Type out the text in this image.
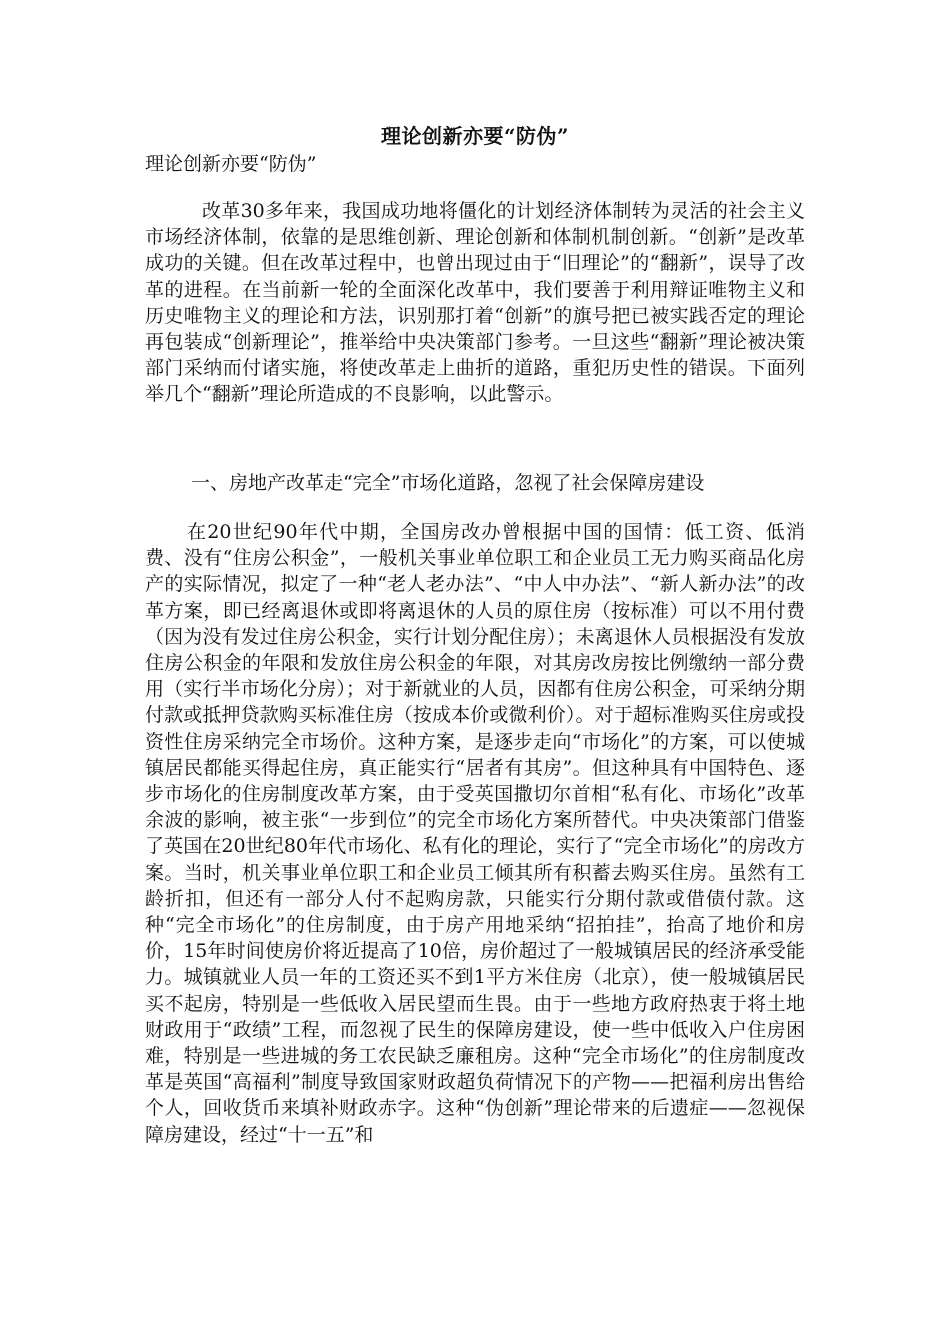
理论创新亦要“防伪”
理论创新亦要“防伪”

改革30多年来，我国成功地将僵化的计划经济体制转为灵活的社会主义市场经济体制，依靠的是思维创新、理论创新和体制机制创新。“创新”是改革成功的关键。但在改革过程中，也曾出现过由于“旧理论”的“翻新”，误导了改革的进程。在当前新一轮的全面深化改革中，我们要善于利用辩证唯物主义和历史唯物主义的理论和方法，识别那打着“创新”的旗号把已被实践否定的理论再包装成“创新理论”，推举给中央决策部门参考。一旦这些“翻新”理论被决策部门采纳而付诸实施，将使改革走上曲折的道路，重犯历史性的错误。下面列举几个“翻新”理论所造成的不良影响，以此警示。

一、房地产改革走“完全”市场化道路，忽视了社会保障房建设

在20世纪90年代中期，全国房改办曾根据中国的国情：低工资、低消费、没有“住房公积金”，一般机关事业单位职工和企业员工无力购买商品化房产的实际情况，拟定了一种“老人老办法”、“中人中办法”、“新人新办法”的改革方案，即已经离退休或即将离退休的人员的原住房（按标准）可以不用付费（因为没有发过住房公积金，实行计划分配住房）；未离退休人员根据没有发放住房公积金的年限和发放住房公积金的年限，对其房改房按比例缴纳一部分费用（实行半市场化分房）；对于新就业的人员，因都有住房公积金，可采纳分期付款或抵押贷款购买标准住房（按成本价或微利价）。对于超标准购买住房或投资性住房采纳完全市场价。这种方案，是逐步走向“市场化”的方案，可以使城镇居民都能买得起住房，真正能实行“居者有其房”。但这种具有中国特色、逐步市场化的住房制度改革方案，由于受英国撒切尔首相“私有化、市场化”改革余波的影响，被主张“一步到位”的完全市场化方案所替代。中央决策部门借鉴了英国在20世纪80年代市场化、私有化的理论，实行了“完全市场化”的房改方案。当时，机关事业单位职工和企业员工倾其所有积蓄去购买住房。虽然有工龄折扣，但还有一部分人付不起购房款，只能实行分期付款或借债付款。这种“完全市场化”的住房制度，由于房产用地采纳“招拍挂”，抬高了地价和房价，15年时间使房价将近提高了10倍，房价超过了一般城镇居民的经济承受能力。城镇就业人员一年的工资还买不到1平方米住房（北京），使一般城镇居民买不起房，特别是一些低收入居民望而生畏。由于一些地方政府热衷于将土地财政用于“政绩”工程，而忽视了民生的保障房建设，使一些中低收入户住房困难，特别是一些进城的务工农民缺乏廉租房。这种“完全市场化”的住房制度改革是英国“高福利”制度导致国家财政超负荷情况下的产物——把福利房出售给个人，回收货币来填补财政赤字。这种“伪创新”理论带来的后遗症——忽视保障房建设，经过“十一五”和
